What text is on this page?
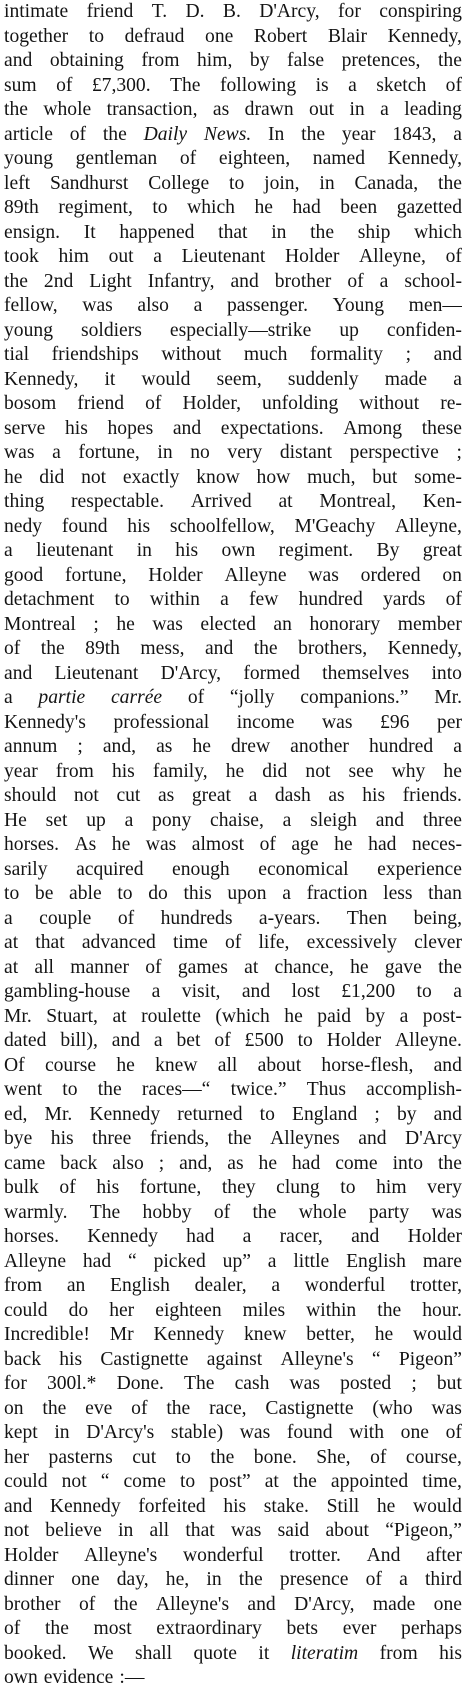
intimate friend T. D. B. D'Arcy, for conspiring
together to defraud one Robert Blair Kennedy,
and obtaining from him, by false pretences, the
sum of £7,300. The following is a sketch of
the whole transaction, as drawn out in a leading
article of the Daily News. In the year 1843, a
young gentleman of eighteen, named Kennedy,
left Sandhurst College to join, in Canada, the
89th regiment, to which he had been gazetted
ensign. It happened that in the ship which
took him out a Lieutenant Holder Alleyne, of
the 2nd Light Infantry, and brother of a school-
fellow, was also a passenger. Young men—
young soldiers especially—strike up confiden-
tial friendships without much formality ; and
Kennedy, it would seem, suddenly made a
bosom friend of Holder, unfolding without re-
serve his hopes and expectations. Among these
was a fortune, in no very distant perspective ;
he did not exactly know how much, but some-
thing respectable. Arrived at Montreal, Ken-
nedy found his schoolfellow, M'Geachy Alleyne,
a lieutenant in his own regiment. By great
good fortune, Holder Alleyne was ordered on
detachment to within a few hundred yards of
Montreal ; he was elected an honorary member
of the 89th mess, and the brothers, Kennedy,
and Lieutenant D'Arcy, formed themselves into
a partie carrée of “jolly companions.” Mr.
Kennedy's professional income was £96 per
annum ; and, as he drew another hundred a
year from his family, he did not see why he
should not cut as great a dash as his friends.
He set up a pony chaise, a sleigh and three
horses. As he was almost of age he had neces-
sarily acquired enough economical experience
to be able to do this upon a fraction less than
a couple of hundreds a-years. Then being,
at that advanced time of life, excessively clever
at all manner of games at chance, he gave the
gambling-house a visit, and lost £1,200 to a
Mr. Stuart, at roulette (which he paid by a post-
dated bill), and a bet of £500 to Holder Alleyne.
Of course he knew all about horse-flesh, and
went to the races—“ twice.” Thus accomplish-
ed, Mr. Kennedy returned to England ; by and
bye his three friends, the Alleynes and D'Arcy
came back also ; and, as he had come into the
bulk of his fortune, they clung to him very
warmly. The hobby of the whole party was
horses. Kennedy had a racer, and Holder
Alleyne had “ picked up” a little English mare
from an English dealer, a wonderful trotter,
could do her eighteen miles within the hour.
Incredible! Mr Kennedy knew better, he would
back his Castignette against Alleyne's “ Pigeon”
for 300l.* Done. The cash was posted ; but
on the eve of the race, Castignette (who was
kept in D'Arcy's stable) was found with one of
her pasterns cut to the bone. She, of course,
could not “ come to post” at the appointed time,
and Kennedy forfeited his stake. Still he would
not believe in all that was said about “Pigeon,”
Holder Alleyne's wonderful trotter. And after
dinner one day, he, in the presence of a third
brother of the Alleyne's and D'Arcy, made one
of the most extraordinary bets ever perhaps
booked. We shall quote it literatim from his
own evidence :—
